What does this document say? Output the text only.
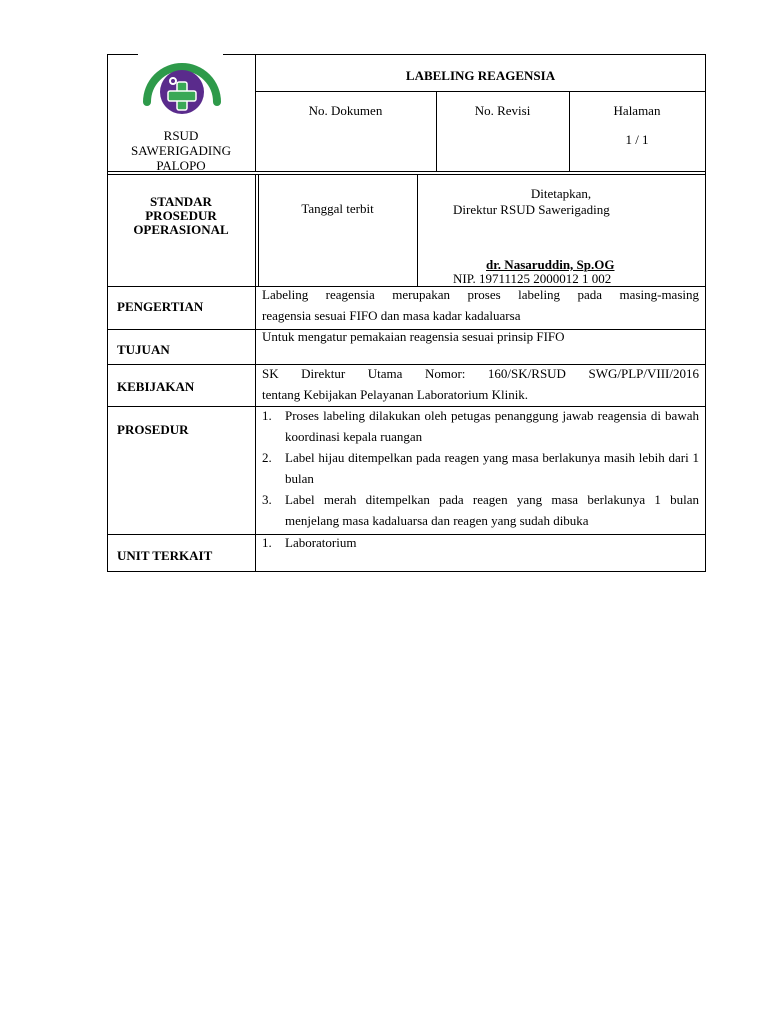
RSUD
SAWERIGADING
PALOPO
LABELING REAGENSIA
No. Dokumen	No. Revisi	Halaman
1 / 1
STANDAR
PROSEDUR
OPERASIONAL
Tanggal terbit
Ditetapkan,
Direktur RSUD Sawerigading
dr. Nasaruddin, Sp.OG
NIP. 19711125 2000012 1 002
PENGERTIAN
Labeling reagensia merupakan proses labeling pada masing-masing
reagensia sesuai FIFO dan masa kadar kadaluarsa
TUJUAN
Untuk mengatur pemakaian reagensia sesuai prinsip FIFO
KEBIJAKAN
SK Direktur Utama Nomor: 160/SK/RSUD SWG/PLP/VIII/2016
tentang Kebijakan Pelayanan Laboratorium Klinik.
PROSEDUR
1. Proses labeling dilakukan oleh petugas penanggung jawab reagensia di bawah koordinasi kepala ruangan
2. Label hijau ditempelkan pada reagen yang masa berlakunya masih lebih dari 1 bulan
3. Label merah ditempelkan pada reagen yang masa berlakunya 1 bulan menjelang masa kadaluarsa dan reagen yang sudah dibuka
UNIT TERKAIT
1. Laboratorium
